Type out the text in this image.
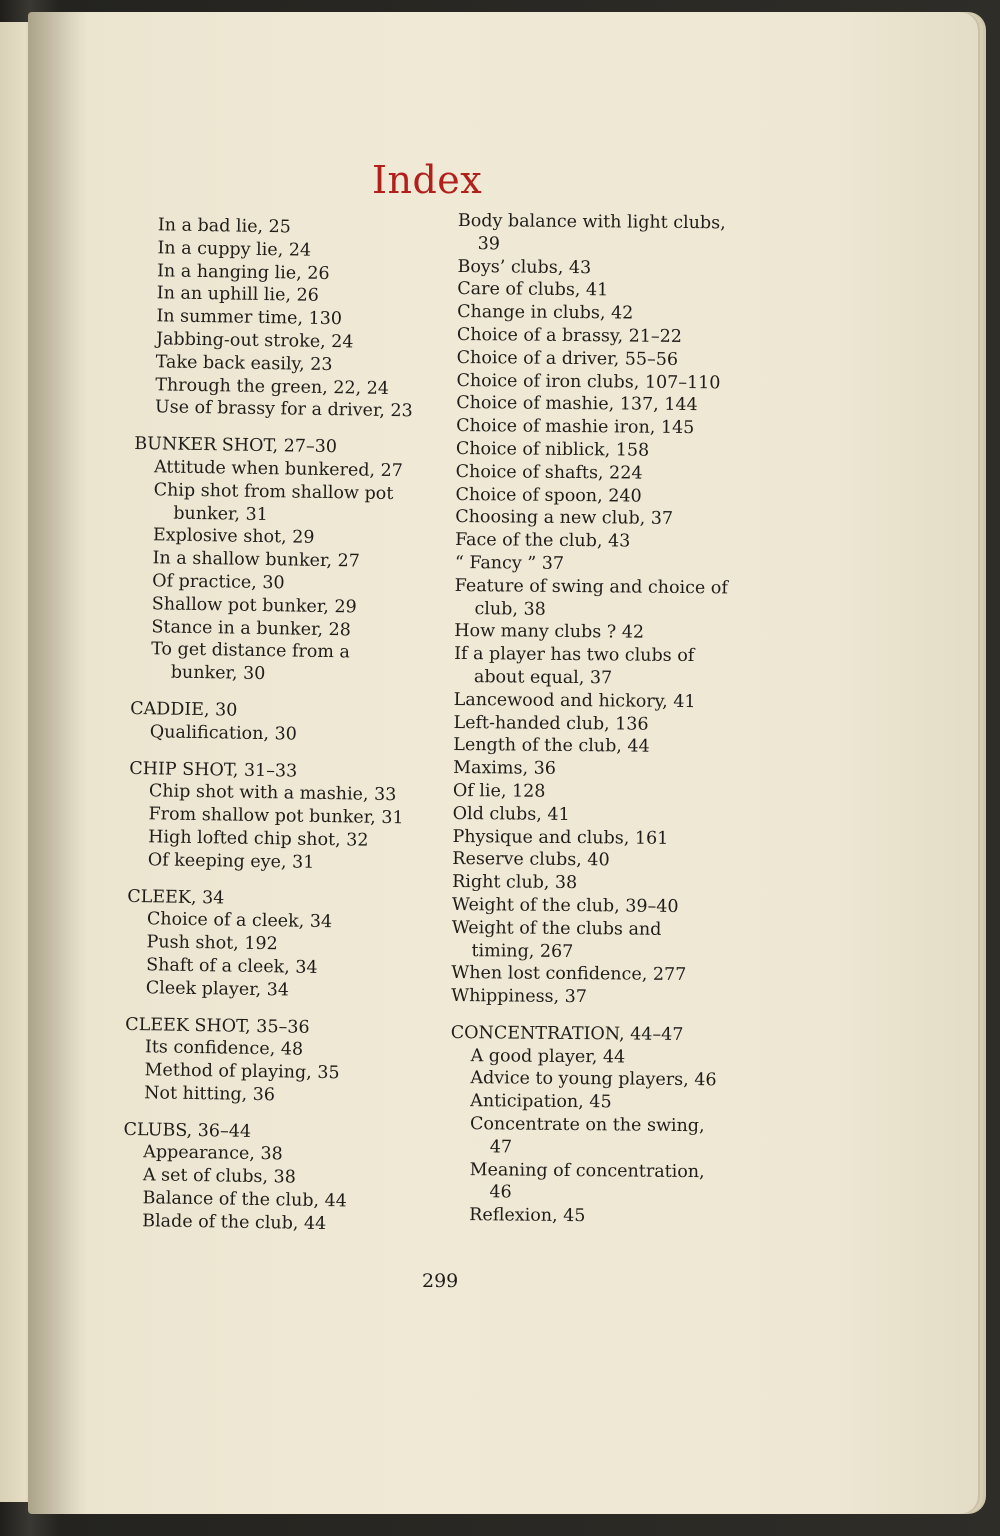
Index

In a bad lie, 25

In a cuppy lie, 24

In a hanging lie, 26

In an uphill lie, 26

In summer time, 130

Jabbing-out stroke, 24

Take back easily, 23

Through the green, 22, 24

Use of brassy for a driver, 23

BUNKER SHOT, 27–30

Attitude when bunkered, 27

Chip shot from shallow pot bunker, 31

Explosive shot, 29

In a shallow bunker, 27

Of practice, 30

Shallow pot bunker, 29

Stance in a bunker, 28

To get distance from a bunker, 30

CADDIE, 30

Qualification, 30

CHIP SHOT, 31–33

Chip shot with a mashie, 33

From shallow pot bunker, 31

High lofted chip shot, 32

Of keeping eye, 31

CLEEK, 34

Choice of a cleek, 34

Push shot, 192

Shaft of a cleek, 34

Cleek player, 34

CLEEK SHOT, 35–36

Its confidence, 48

Method of playing, 35

Not hitting, 36

CLUBS, 36–44

Appearance, 38

A set of clubs, 38

Balance of the club, 44

Blade of the club, 44

Body balance with light clubs, 39

Boys’ clubs, 43

Care of clubs, 41

Change in clubs, 42

Choice of a brassy, 21–22

Choice of a driver, 55–56

Choice of iron clubs, 107–110

Choice of mashie, 137, 144

Choice of mashie iron, 145

Choice of niblick, 158

Choice of shafts, 224

Choice of spoon, 240

Choosing a new club, 37

Face of the club, 43

“ Fancy ” 37

Feature of swing and choice of club, 38

How many clubs ? 42

If a player has two clubs of about equal, 37

Lancewood and hickory, 41

Left-handed club, 136

Length of the club, 44

Maxims, 36

Of lie, 128

Old clubs, 41

Physique and clubs, 161

Reserve clubs, 40

Right club, 38

Weight of the club, 39–40

Weight of the clubs and timing, 267

When lost confidence, 277

Whippiness, 37

CONCENTRATION, 44–47

A good player, 44

Advice to young players, 46

Anticipation, 45

Concentrate on the swing, 47

Meaning of concentration, 46

Reflexion, 45

299
